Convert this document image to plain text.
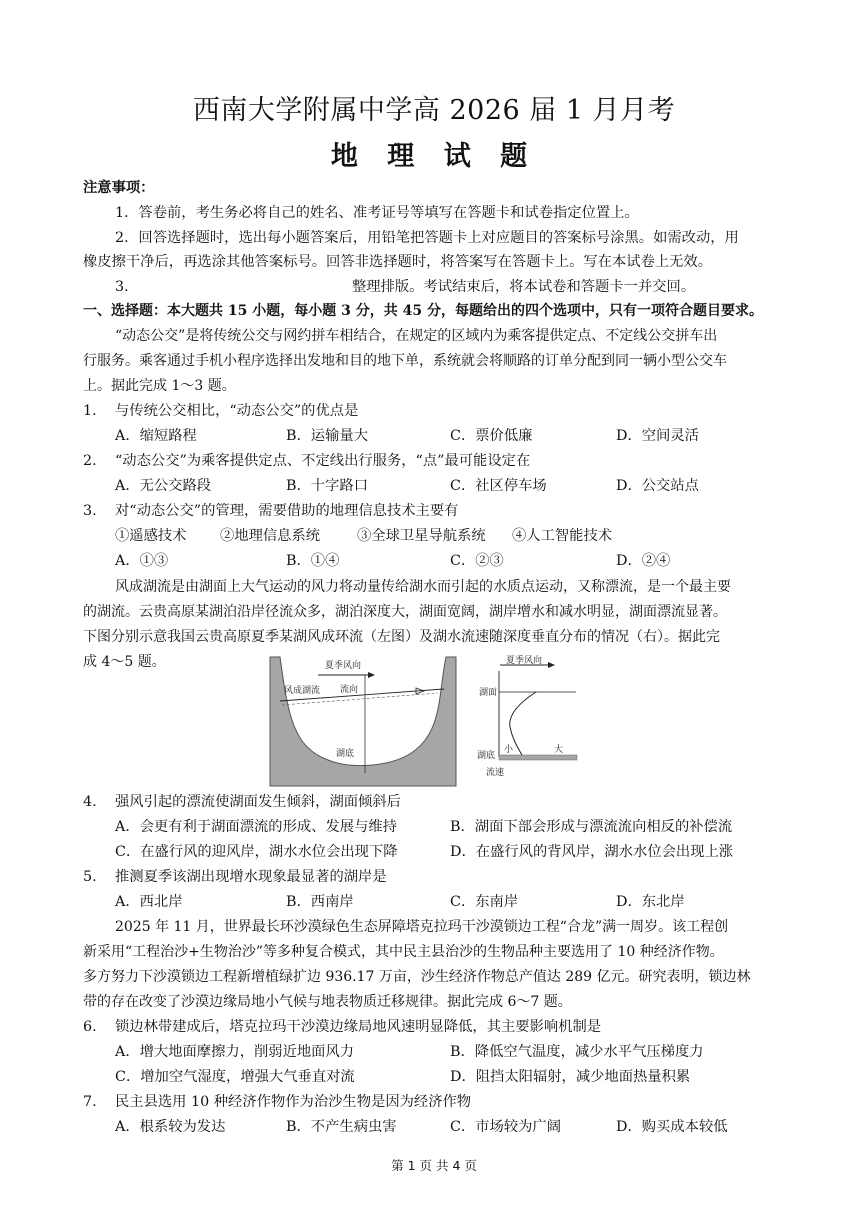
西南大学附属中学高 2026 届 1 月月考
地 理 试 题
注意事项：
1．答卷前，考生务必将自己的姓名、准考证号等填写在答题卡和试卷指定位置上。
2．回答选择题时，选出每小题答案后，用铅笔把答题卡上对应题目的答案标号涂黑。如需改动，用
橡皮擦干净后，再选涂其他答案标号。回答非选择题时，将答案写在答题卡上。写在本试卷上无效。
3．	整理排版。考试结束后，将本试卷和答题卡一并交回。
一、选择题：本大题共 15 小题，每小题 3 分，共 45 分，每题给出的四个选项中，只有一项符合题目要求。
“动态公交”是将传统公交与网约拼车相结合，在规定的区域内为乘客提供定点、不定线公交拼车出
行服务。乘客通过手机小程序选择出发地和目的地下单，系统就会将顺路的订单分配到同一辆小型公交车
上。据此完成 1～3 题。
1. 与传统公交相比，“动态公交”的优点是
A．缩短路程	B．运输量大	C．票价低廉	D．空间灵活
2. “动态公交”为乘客提供定点、不定线出行服务，“点”最可能设定在
A．无公交路段	B．十字路口	C．社区停车场	D．公交站点
3. 对“动态公交”的管理，需要借助的地理信息技术主要有
①遥感技术 ②地理信息系统	③全球卫星导航系统 ④人工智能技术
A．①③	B．①④	C．②③	D．②④
风成湖流是由湖面上大气运动的风力将动量传给湖水而引起的水质点运动，又称漂流，是一个最主要
的湖流。云贵高原某湖泊沿岸径流众多，湖泊深度大，湖面宽阔，湖岸增水和减水明显，湖面漂流显著。
下图分别示意我国云贵高原夏季某湖风成环流（左图）及湖水流速随深度垂直分布的情况（右）。据此完
成 4～5 题。	夏季风向
风成湖流 流向
湖底
夏季风向
湖面
湖底
小	大
流速
4. 强风引起的漂流使湖面发生倾斜，湖面倾斜后
A．会更有利于湖面漂流的形成、发展与维持	B．湖面下部会形成与漂流流向相反的补偿流
C．在盛行风的迎风岸，湖水水位会出现下降	D．在盛行风的背风岸，湖水水位会出现上涨
5. 推测夏季该湖出现增水现象最显著的湖岸是
A．西北岸	B．西南岸	C．东南岸	D．东北岸
2025 年 11 月，世界最长环沙漠绿色生态屏障塔克拉玛干沙漠锁边工程“合龙”满一周岁。该工程创
新采用“工程治沙+生物治沙”等多种复合模式，其中民主县治沙的生物品种主要选用了 10 种经济作物。
多方努力下沙漠锁边工程新增植绿扩边 936.17 万亩，沙生经济作物总产值达 289 亿元。研究表明，锁边林
带的存在改变了沙漠边缘局地小气候与地表物质迁移规律。据此完成 6～7 题。
6. 锁边林带建成后，塔克拉玛干沙漠边缘局地风速明显降低，其主要影响机制是
A．增大地面摩擦力，削弱近地面风力	B．降低空气温度，减少水平气压梯度力
C．增加空气湿度，增强大气垂直对流	D．阻挡太阳辐射，减少地面热量积累
7. 民主县选用 10 种经济作物作为治沙生物是因为经济作物
A．根系较为发达	B．不产生病虫害	C．市场较为广阔	D．购买成本较低
第 1 页 共 4 页
